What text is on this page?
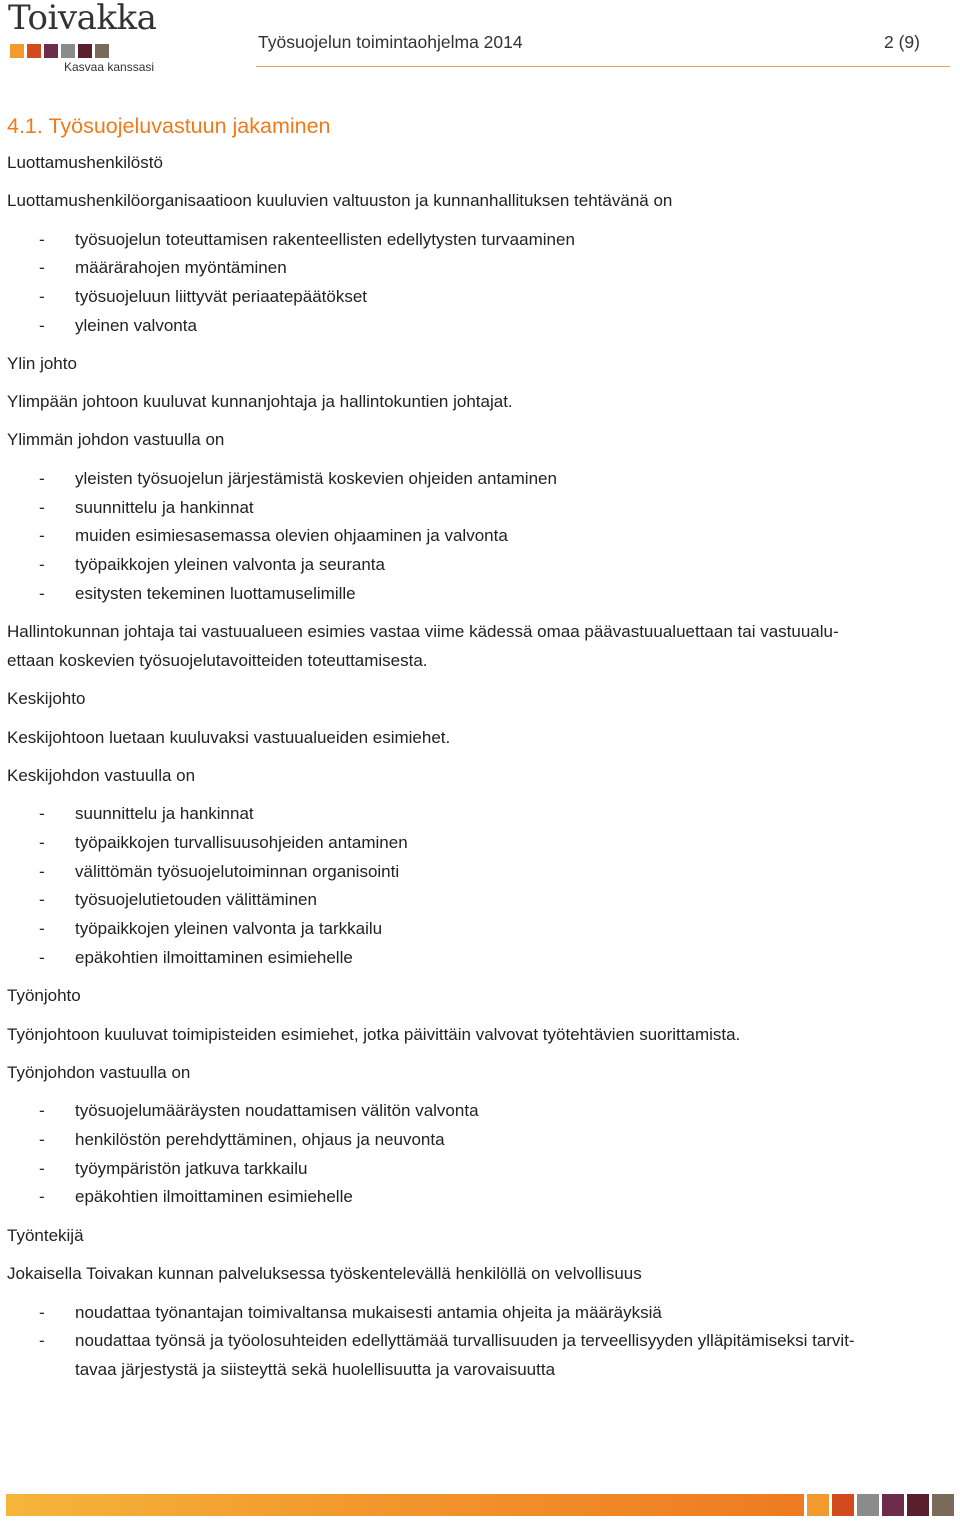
Toivakka
Kasvaa kanssasi
Työsuojelun toimintaohjelma 2014	2 (9)
4.1. Työsuojeluvastuun jakaminen
Luottamushenkilöstö
Luottamushenkilöorganisaatioon kuuluvien valtuuston ja kunnanhallituksen tehtävänä on
- työsuojelun toteuttamisen rakenteellisten edellytysten turvaaminen
- määrärahojen myöntäminen
- työsuojeluun liittyvät periaatepäätökset
- yleinen valvonta
Ylin johto
Ylimpään johtoon kuuluvat kunnanjohtaja ja hallintokuntien johtajat.
Ylimmän johdon vastuulla on
- yleisten työsuojelun järjestämistä koskevien ohjeiden antaminen
- suunnittelu ja hankinnat
- muiden esimiesasemassa olevien ohjaaminen ja valvonta
- työpaikkojen yleinen valvonta ja seuranta
- esitysten tekeminen luottamuselimille
Hallintokunnan johtaja tai vastuualueen esimies vastaa viime kädessä omaa päävastuualuettaan tai vastuualu-
ettaan koskevien työsuojelutavoitteiden toteuttamisesta.
Keskijohto
Keskijohtoon luetaan kuuluvaksi vastuualueiden esimiehet.
Keskijohdon vastuulla on
- suunnittelu ja hankinnat
- työpaikkojen turvallisuusohjeiden antaminen
- välittömän työsuojelutoiminnan organisointi
- työsuojelutietouden välittäminen
- työpaikkojen yleinen valvonta ja tarkkailu
- epäkohtien ilmoittaminen esimiehelle
Työnjohto
Työnjohtoon kuuluvat toimipisteiden esimiehet, jotka päivittäin valvovat työtehtävien suorittamista.
Työnjohdon vastuulla on
- työsuojelumääräysten noudattamisen välitön valvonta
- henkilöstön perehdyttäminen, ohjaus ja neuvonta
- työympäristön jatkuva tarkkailu
- epäkohtien ilmoittaminen esimiehelle
Työntekijä
Jokaisella Toivakan kunnan palveluksessa työskentelevällä henkilöllä on velvollisuus
- noudattaa työnantajan toimivaltansa mukaisesti antamia ohjeita ja määräyksiä
- noudattaa työnsä ja työolosuhteiden edellyttämää turvallisuuden ja terveellisyyden ylläpitämiseksi tarvit-
tavaa järjestystä ja siisteyttä sekä huolellisuutta ja varovaisuutta
